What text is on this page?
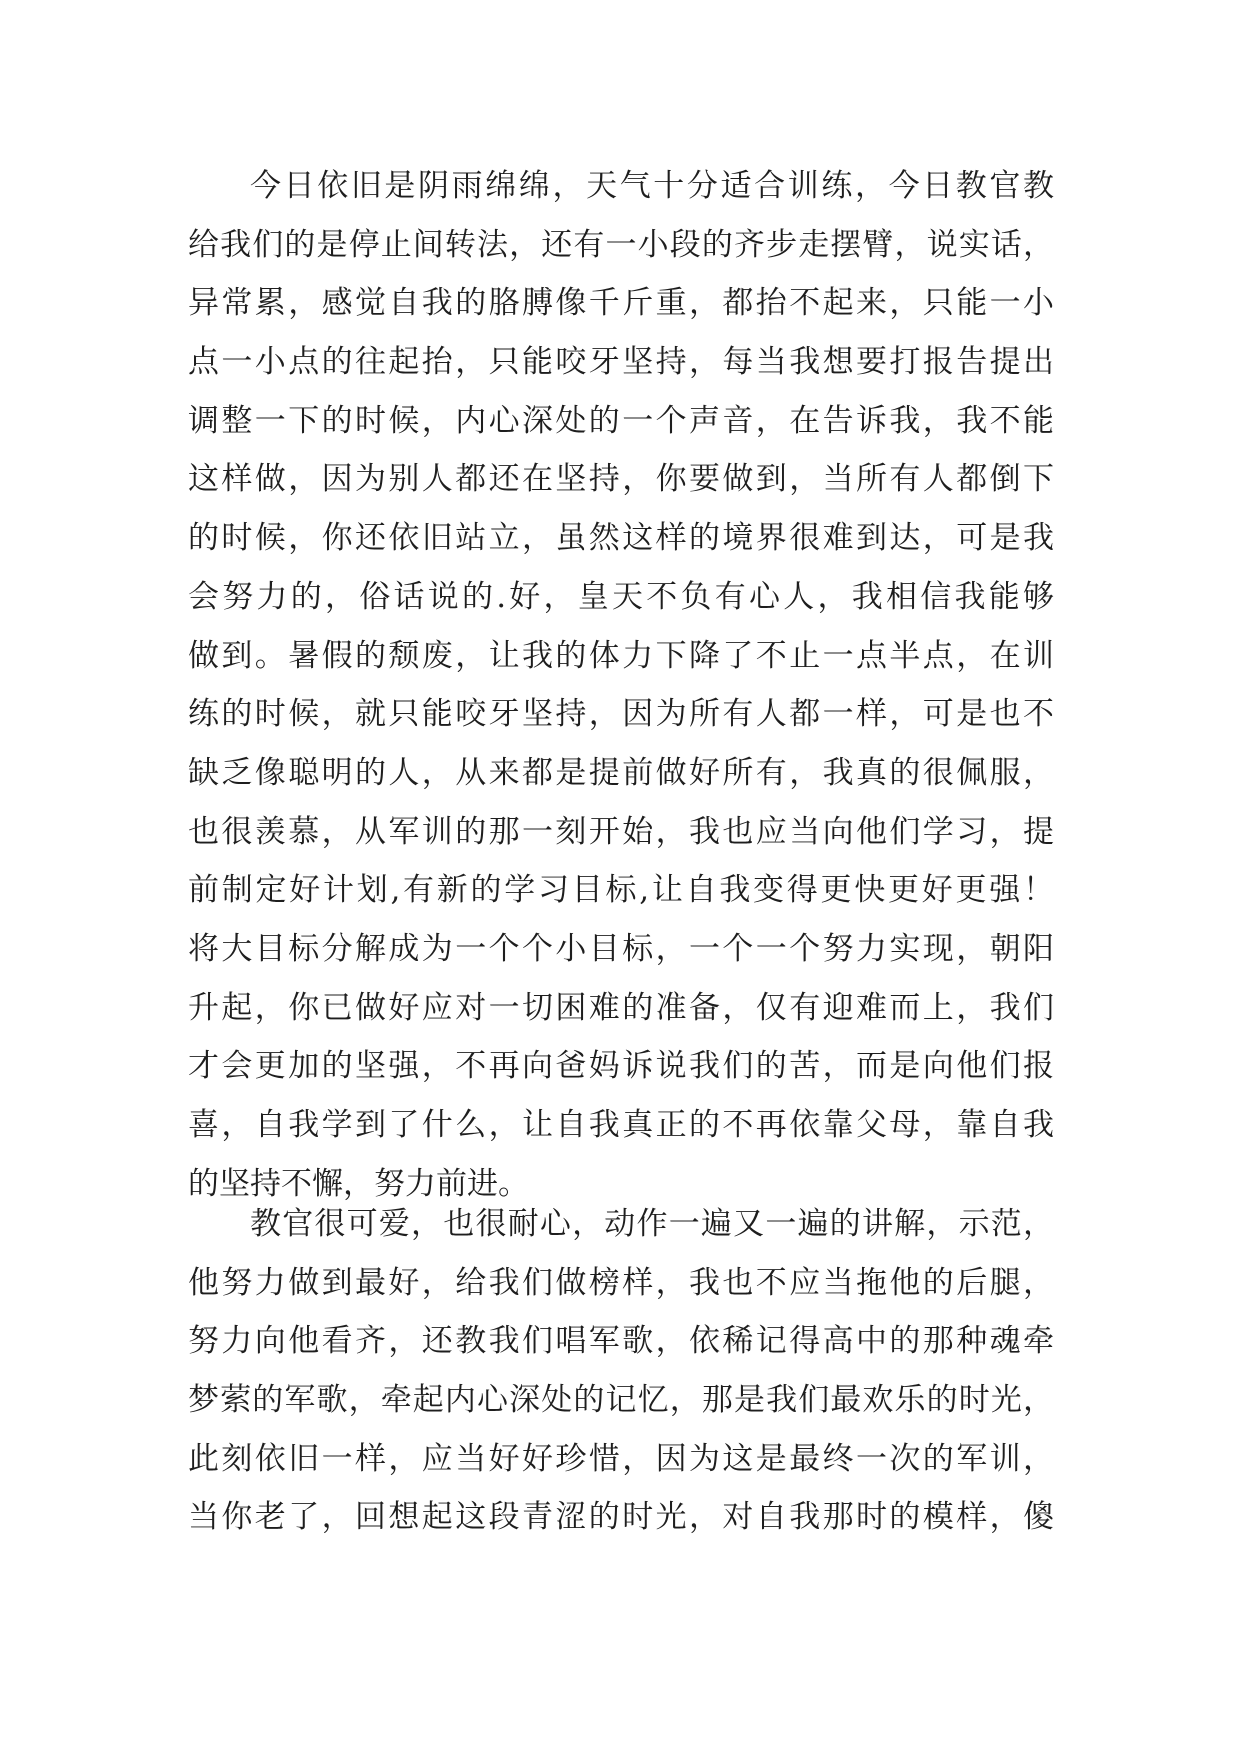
今日依旧是阴雨绵绵，天气十分适合训练，今日教官教
给我们的是停止间转法，还有一小段的齐步走摆臂，说实话，
异常累，感觉自我的胳膊像千斤重，都抬不起来，只能一小
点一小点的往起抬，只能咬牙坚持，每当我想要打报告提出
调整一下的时候，内心深处的一个声音，在告诉我，我不能
这样做，因为别人都还在坚持，你要做到，当所有人都倒下
的时候，你还依旧站立，虽然这样的境界很难到达，可是我
会努力的，俗话说的.好，皇天不负有心人，我相信我能够
做到。暑假的颓废，让我的体力下降了不止一点半点，在训
练的时候，就只能咬牙坚持，因为所有人都一样，可是也不
缺乏像聪明的人，从来都是提前做好所有，我真的很佩服，
也很羡慕，从军训的那一刻开始，我也应当向他们学习，提
前制定好计划,有新的学习目标,让自我变得更快更好更强！
将大目标分解成为一个个小目标，一个一个努力实现，朝阳
升起，你已做好应对一切困难的准备，仅有迎难而上，我们
才会更加的坚强，不再向爸妈诉说我们的苦，而是向他们报
喜，自我学到了什么，让自我真正的不再依靠父母，靠自我
的坚持不懈，努力前进。
教官很可爱，也很耐心，动作一遍又一遍的讲解，示范，
他努力做到最好，给我们做榜样，我也不应当拖他的后腿，
努力向他看齐，还教我们唱军歌，依稀记得高中的那种魂牵
梦萦的军歌，牵起内心深处的记忆，那是我们最欢乐的时光，
此刻依旧一样，应当好好珍惜，因为这是最终一次的军训，
当你老了，回想起这段青涩的时光，对自我那时的模样，傻
